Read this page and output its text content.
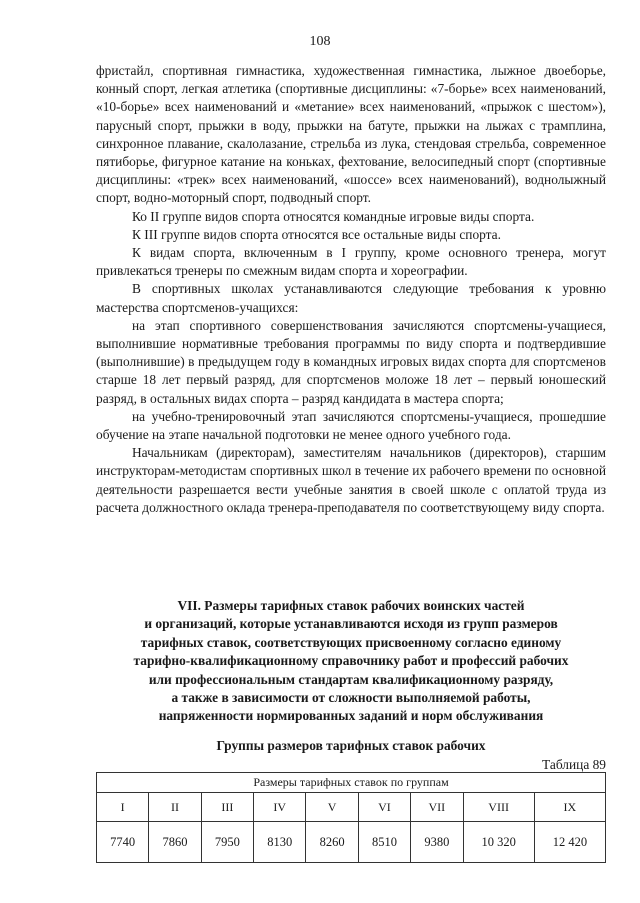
108

фристайл, спортивная гимнастика, художественная гимнастика, лыжное двоеборье, конный спорт, легкая атлетика (спортивные дисциплины: «7-борье» всех наименований, «10-борье» всех наименований и «метание» всех наименований, «прыжок с шестом»), парусный спорт, прыжки в воду, прыжки на батуте, прыжки на лыжах с трамплина, синхронное плавание, скалолазание, стрельба из лука, стендовая стрельба, современное пятиборье, фигурное катание на коньках, фехтование, велосипедный спорт (спортивные дисциплины: «трек» всех наименований, «шоссе» всех наименований), воднолыжный спорт, водно-моторный спорт, подводный спорт.

Ко II группе видов спорта относятся командные игровые виды спорта.

К III группе видов спорта относятся все остальные виды спорта.

К видам спорта, включенным в I группу, кроме основного тренера, могут привлекаться тренеры по смежным видам спорта и хореографии.

В спортивных школах устанавливаются следующие требования к уровню мастерства спортсменов-учащихся:

на этап спортивного совершенствования зачисляются спортсмены-учащиеся, выполнившие нормативные требования программы по виду спорта и подтвердившие (выполнившие) в предыдущем году в командных игровых видах спорта для спортсменов старше 18 лет первый разряд, для спортсменов моложе 18 лет – первый юношеский разряд, в остальных видах спорта – разряд кандидата в мастера спорта;

на учебно-тренировочный этап зачисляются спортсмены-учащиеся, прошедшие обучение на этапе начальной подготовки не менее одного учебного года.

Начальникам (директорам), заместителям начальников (директоров), старшим инструкторам-методистам спортивных школ в течение их рабочего времени по основной деятельности разрешается вести учебные занятия в своей школе с оплатой труда из расчета должностного оклада тренера-преподавателя по соответствующему виду спорта.

VII. Размеры тарифных ставок рабочих воинских частей
и организаций, которые устанавливаются исходя из групп размеров
тарифных ставок, соответствующих присвоенному согласно единому
тарифно-квалификационному справочнику работ и профессий рабочих
или профессиональным стандартам квалификационному разряду,
а также в зависимости от сложности выполняемой работы,
напряженности нормированных заданий и норм обслуживания
Группы размеров тарифных ставок рабочих
Таблица 89
Размеры тарифных ставок по группам								
I	II	III	IV	V	VI	VII	VIII	IX
7740	7860	7950	8130	8260	8510	9380	10 320	12 420
